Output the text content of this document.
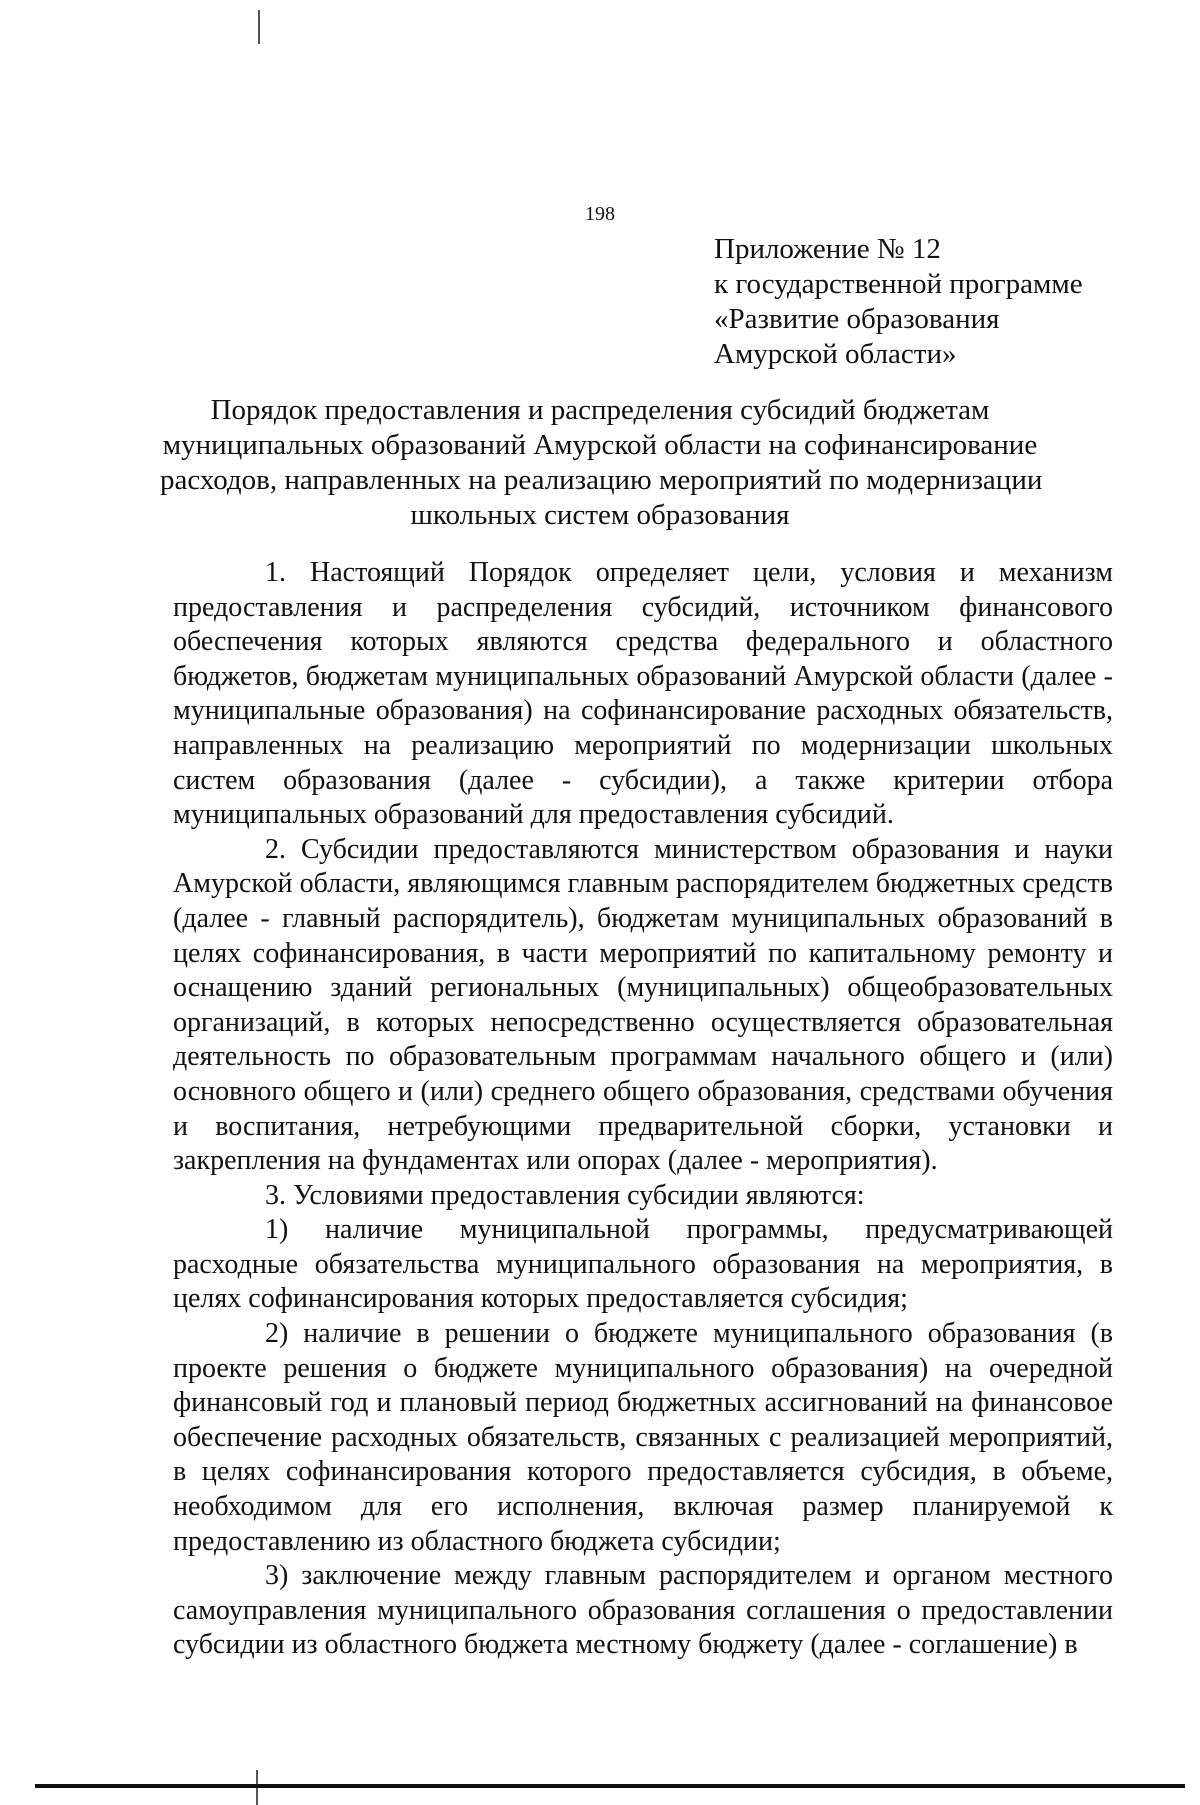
198

Приложение № 12
к государственной программе
«Развитие образования
Амурской области»
Порядок предоставления и распределения субсидий бюджетам
муниципальных образований Амурской области на софинансирование
расходов, направленных на реализацию мероприятий по модернизации
школьных систем образования

1. Настоящий Порядок определяет цели, условия и механизм предоставления и распределения субсидий, источником финансового обеспечения которых являются средства федерального и областного бюджетов, бюджетам муниципальных образований Амурской области (далее - муниципальные образования) на софинансирование расходных обязательств, направленных на реализацию мероприятий по модернизации школьных систем образования (далее - субсидии), а также критерии отбора муниципальных образований для предоставления субсидий.

2. Субсидии предоставляются министерством образования и науки Амурской области, являющимся главным распорядителем бюджетных средств (далее - главный распорядитель), бюджетам муниципальных образований в целях софинансирования, в части мероприятий по капитальному ремонту и оснащению зданий региональных (муниципальных) общеобразовательных организаций, в которых непосредственно осуществляется образовательная деятельность по образовательным программам начального общего и (или) основного общего и (или) среднего общего образования, средствами обучения и воспитания, нетребующими предварительной сборки, установки и закрепления на фундаментах или опорах (далее - мероприятия).

3. Условиями предоставления субсидии являются:

1) наличие муниципальной программы, предусматривающей расходные обязательства муниципального образования на мероприятия, в целях софинансирования которых предоставляется субсидия;

2) наличие в решении о бюджете муниципального образования (в проекте решения о бюджете муниципального образования) на очередной финансовый год и плановый период бюджетных ассигнований на финансовое обеспечение расходных обязательств, связанных с реализацией мероприятий, в целях софинансирования которого предоставляется субсидия, в объеме, необходимом для его исполнения, включая размер планируемой к предоставлению из областного бюджета субсидии;

3) заключение между главным распорядителем и органом местного самоуправления муниципального образования соглашения о предоставлении субсидии из областного бюджета местному бюджету (далее - соглашение) в
